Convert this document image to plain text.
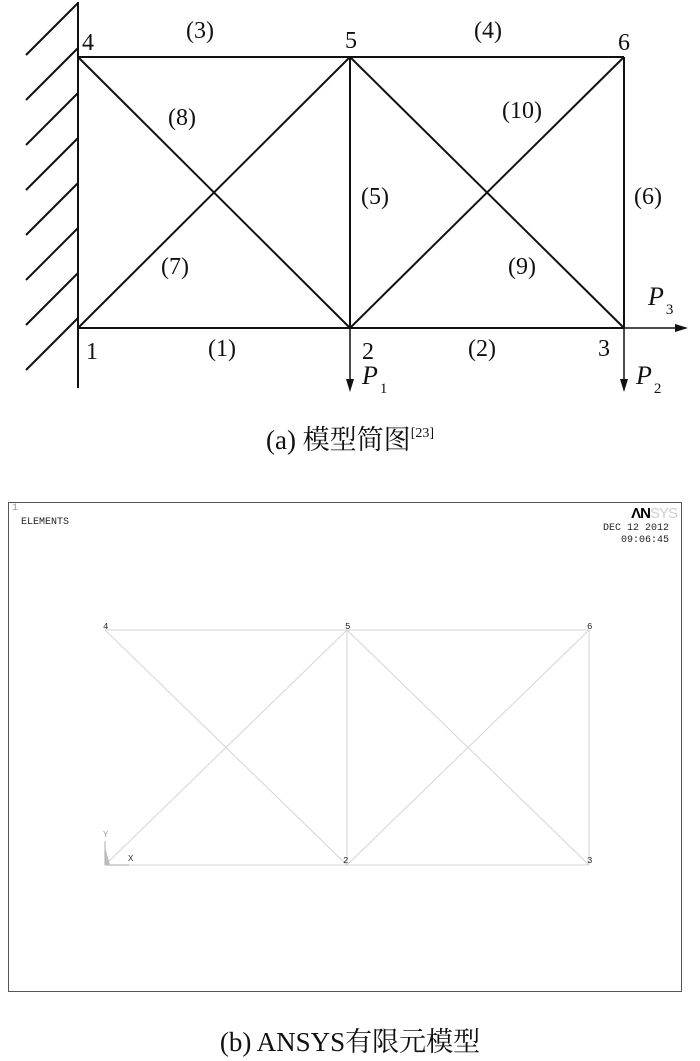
P $_1$	P $_2$
P $_3$
1	2	3
4	5	6
(1)	(2)
(3)	(4)
(5)	(6)
(7)
(8)
(9)
(10)
(a) 模型简图[23]
2	3
4	5	6
Y
X
1
ELEMENTS
ΛNSYS
DEC 12 2012
09:06:45
(b) ANSYS有限元模型
